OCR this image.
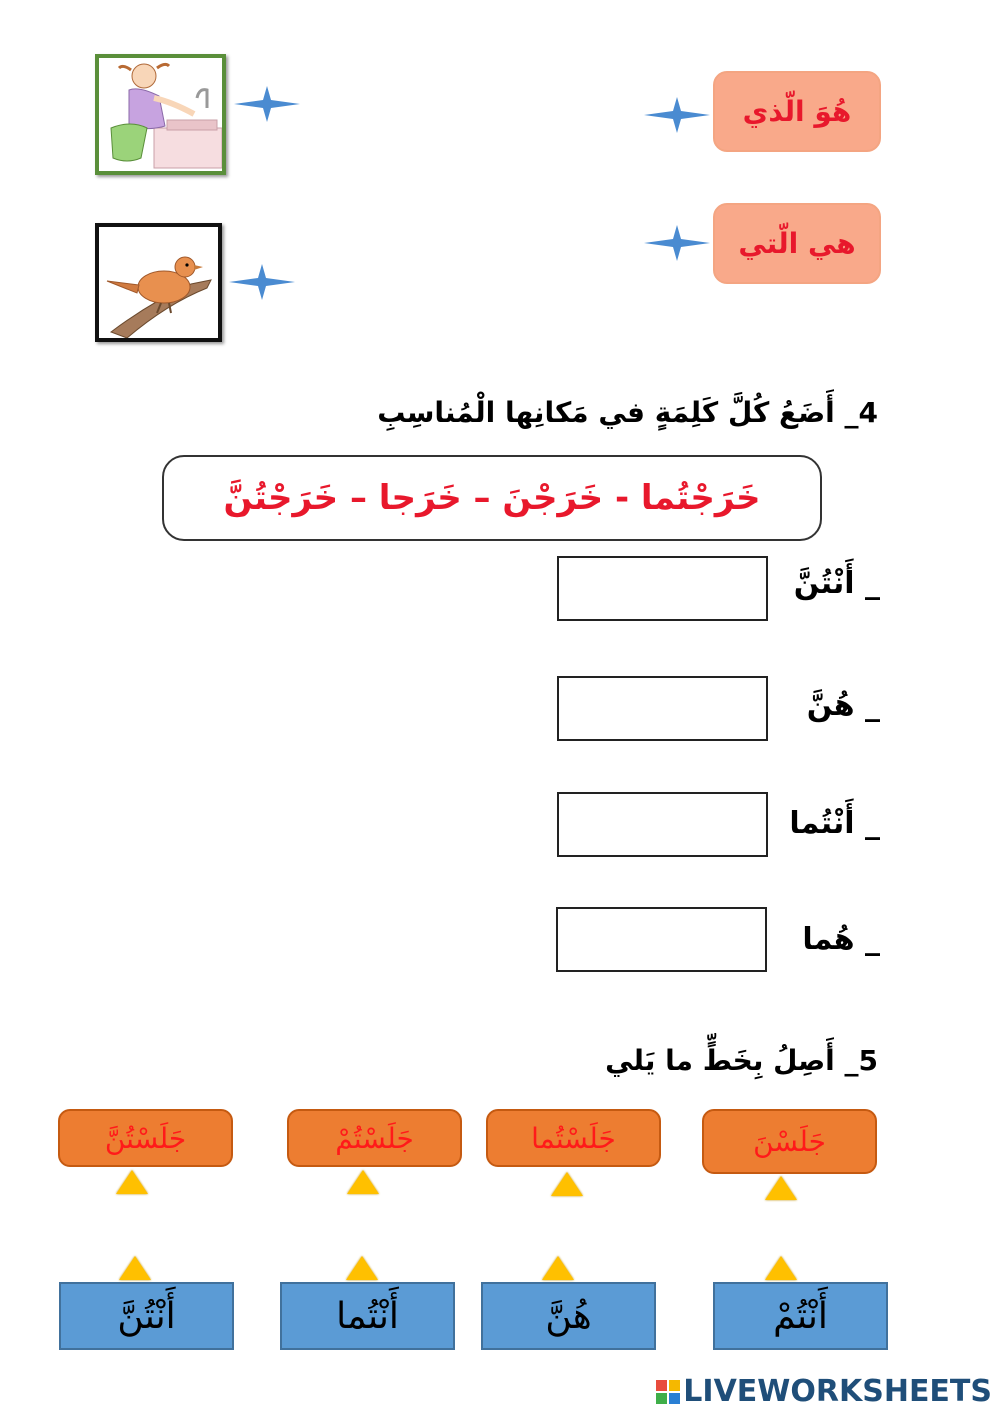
هُوَ الّذي
هي الّتي
4_ أَضَعُ كُلَّ كَلِمَةٍ في مَكانِها الْمُناسِبِ
خَرَجْتُما - خَرَجْنَ – خَرَجا – خَرَجْتُنَّ
_ أَنْتُنَّ
_ هُنَّ
_ أَنْتُما
_ هُما
5_ أَصِلُ بِخَطٍّ ما يَلي
جَلَسْنَ
جَلَسْتُما
جَلَسْتُمْ
جَلَسْتُنَّ
أَنْتُمْ
هُنَّ
أَنْتُما
أَنْتُنَّ
LIVEWORKSHEETS
